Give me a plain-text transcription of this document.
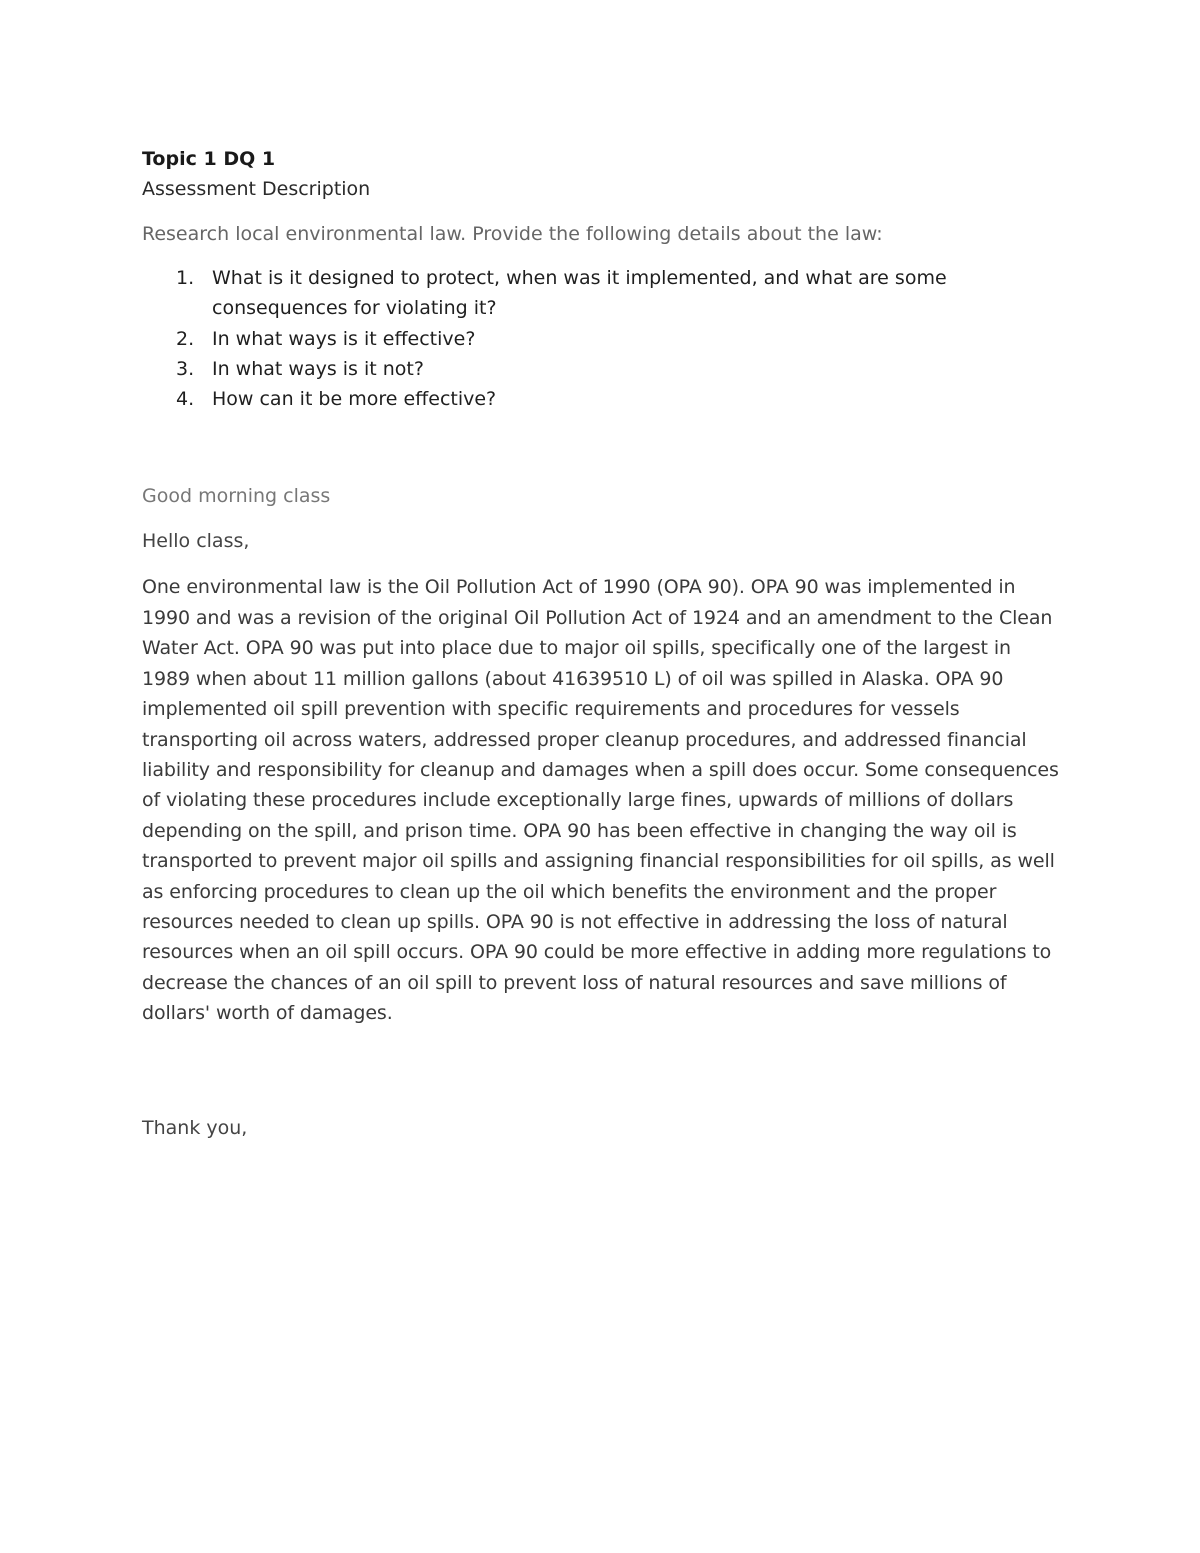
Topic 1 DQ 1

Assessment Description

Research local environmental law. Provide the following details about the law:

1. What is it designed to protect, when was it implemented, and what are some consequences for violating it?
2. In what ways is it effective?
3. In what ways is it not?
4. How can it be more effective?

Good morning class

Hello class,

One environmental law is the Oil Pollution Act of 1990 (OPA 90). OPA 90 was implemented in 1990 and was a revision of the original Oil Pollution Act of 1924 and an amendment to the Clean Water Act. OPA 90 was put into place due to major oil spills, specifically one of the largest in 1989 when about 11 million gallons (about 41639510 L) of oil was spilled in Alaska. OPA 90 implemented oil spill prevention with specific requirements and procedures for vessels transporting oil across waters, addressed proper cleanup procedures, and addressed financial liability and responsibility for cleanup and damages when a spill does occur. Some consequences of violating these procedures include exceptionally large fines, upwards of millions of dollars depending on the spill, and prison time. OPA 90 has been effective in changing the way oil is transported to prevent major oil spills and assigning financial responsibilities for oil spills, as well as enforcing procedures to clean up the oil which benefits the environment and the proper resources needed to clean up spills. OPA 90 is not effective in addressing the loss of natural resources when an oil spill occurs. OPA 90 could be more effective in adding more regulations to decrease the chances of an oil spill to prevent loss of natural resources and save millions of dollars' worth of damages.

Thank you,
